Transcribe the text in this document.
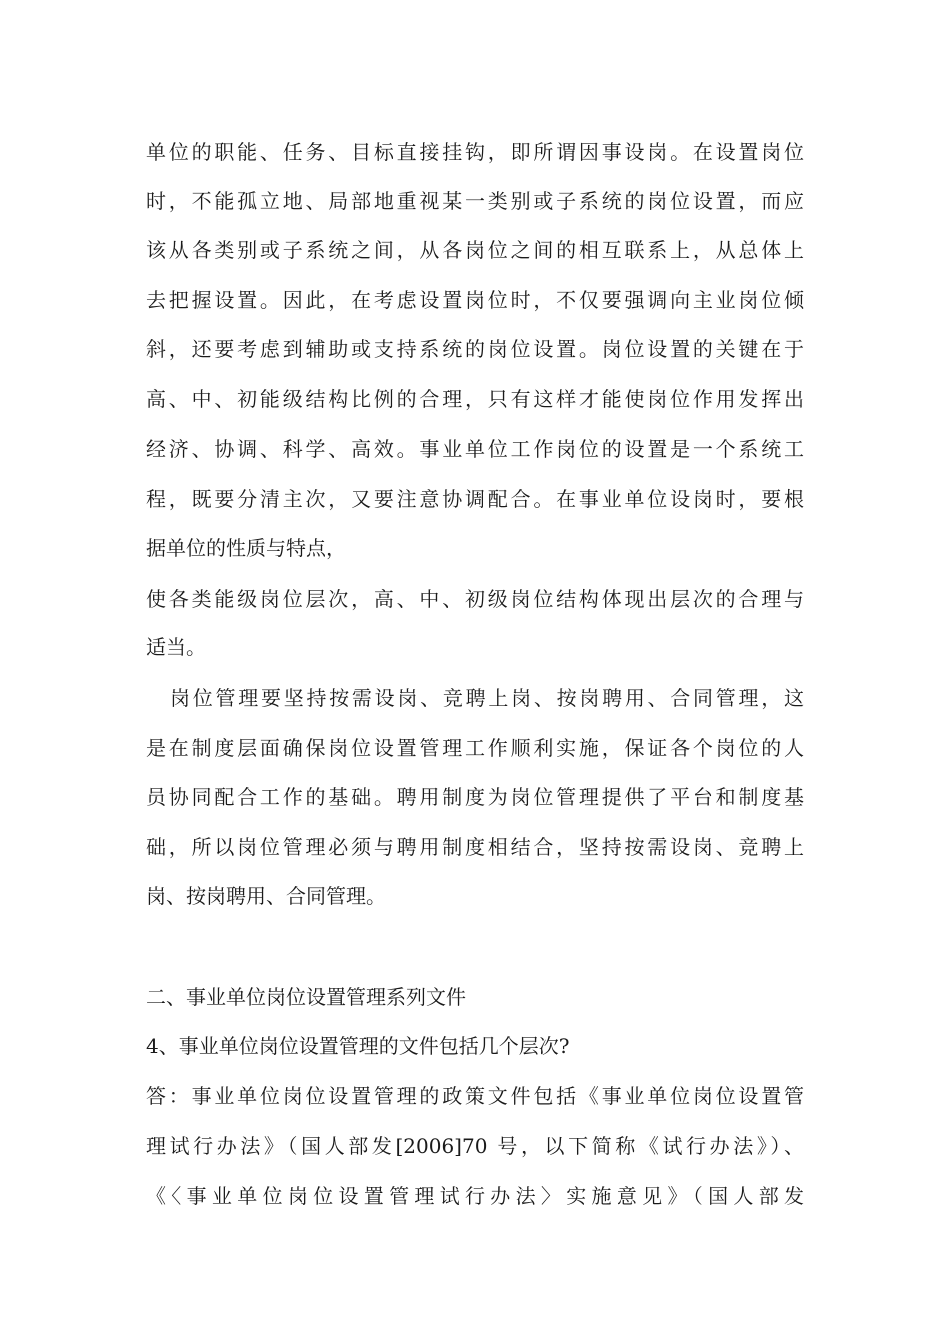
单位的职能、任务、目标直接挂钩，即所谓因事设岗。在设置岗位
时，不能孤立地、局部地重视某一类别或子系统的岗位设置，而应
该从各类别或子系统之间，从各岗位之间的相互联系上，从总体上
去把握设置。因此，在考虑设置岗位时，不仅要强调向主业岗位倾
斜，还要考虑到辅助或支持系统的岗位设置。岗位设置的关键在于
高、中、初能级结构比例的合理，只有这样才能使岗位作用发挥出
经济、协调、科学、高效。事业单位工作岗位的设置是一个系统工
程，既要分清主次，又要注意协调配合。在事业单位设岗时，要根
据单位的性质与特点，
使各类能级岗位层次，高、中、初级岗位结构体现出层次的合理与
适当。
岗位管理要坚持按需设岗、竞聘上岗、按岗聘用、合同管理，这
是在制度层面确保岗位设置管理工作顺利实施，保证各个岗位的人
员协同配合工作的基础。聘用制度为岗位管理提供了平台和制度基
础，所以岗位管理必须与聘用制度相结合，坚持按需设岗、竞聘上
岗、按岗聘用、合同管理。
二、事业单位岗位设置管理系列文件
4、事业单位岗位设置管理的文件包括几个层次?
答：事业单位岗位设置管理的政策文件包括《事业单位岗位设置管
理试行办法》（国人部发[2006]70 号，以下简称《试行办法》）、
《〈事业单位岗位设置管理试行办法〉实施意见》（国人部发
